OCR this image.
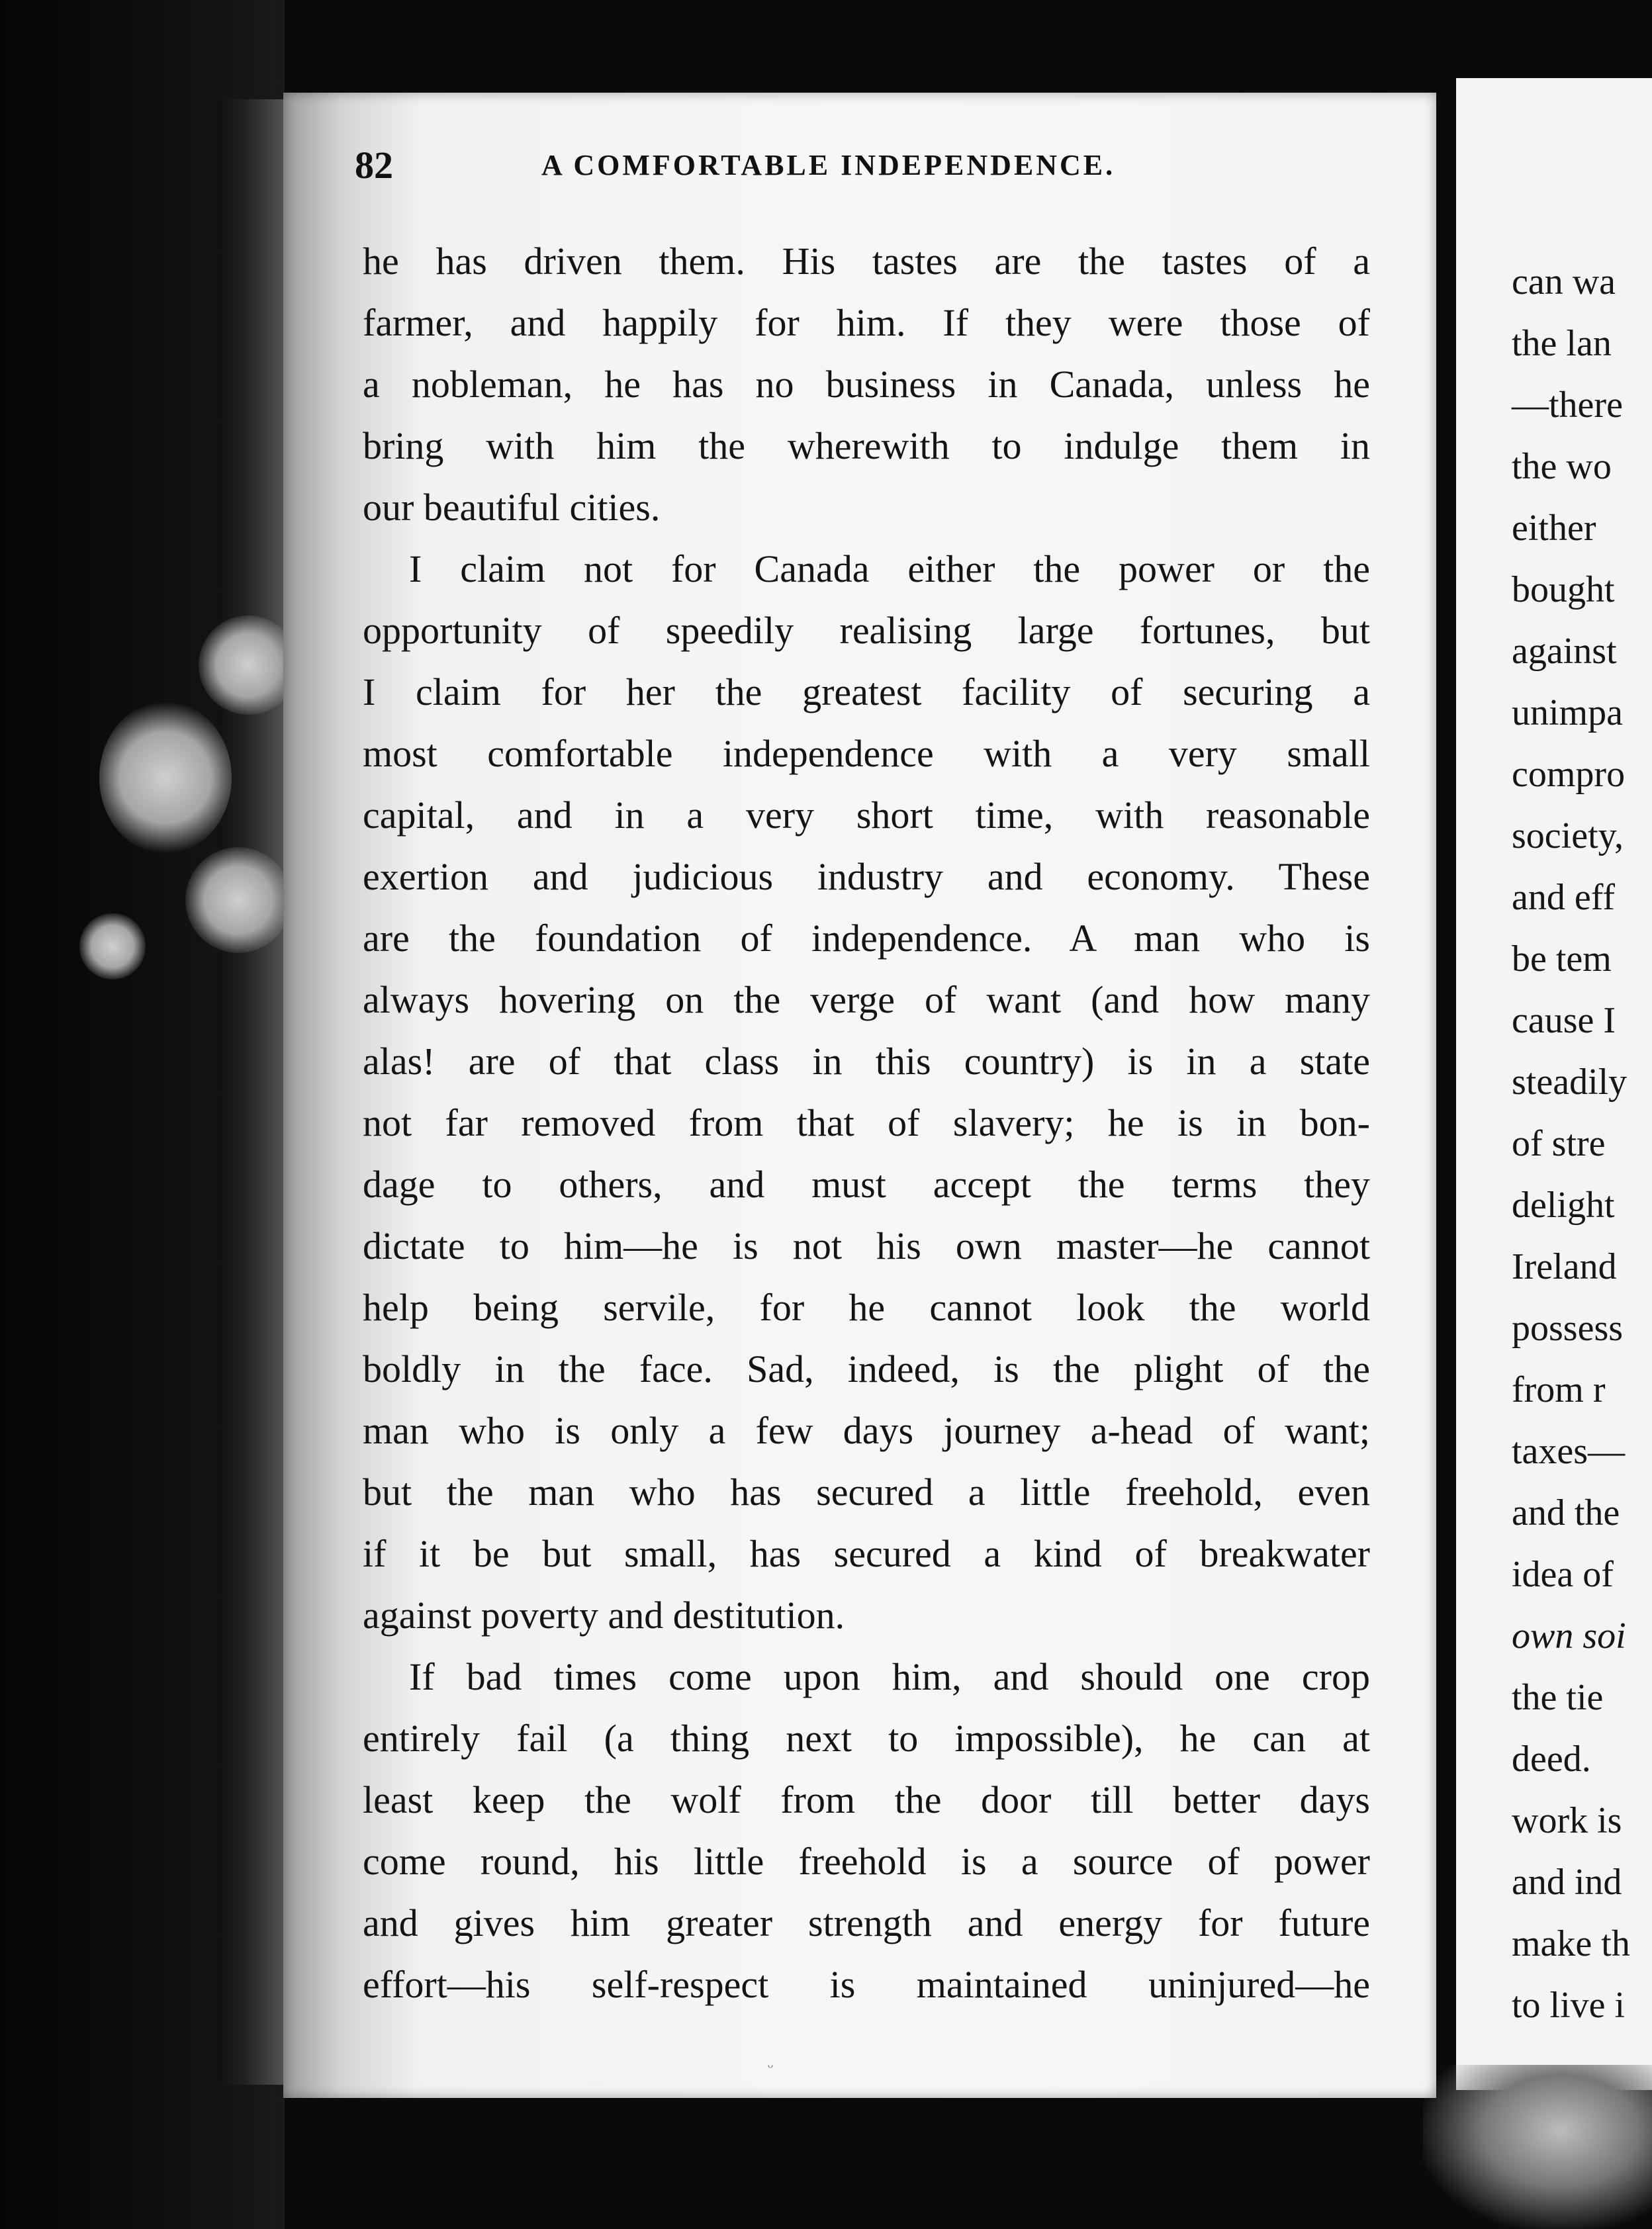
82	A COMFORTABLE INDEPENDENCE.
he has driven them. His tastes are the tastes of a
farmer, and happily for him. If they were those of
a nobleman, he has no business in Canada, unless he
bring with him the wherewith to indulge them in
our beautiful cities.
I claim not for Canada either the power or the
opportunity of speedily realising large fortunes, but
I claim for her the greatest facility of securing a
most comfortable independence with a very small
capital, and in a very short time, with reasonable
exertion and judicious industry and economy. These
are the foundation of independence. A man who is
always hovering on the verge of want (and how many
alas! are of that class in this country) is in a state
not far removed from that of slavery; he is in bon-
dage to others, and must accept the terms they
dictate to him—he is not his own master—he cannot
help being servile, for he cannot look the world
boldly in the face. Sad, indeed, is the plight of the
man who is only a few days journey a-head of want;
but the man who has secured a little freehold, even
if it be but small, has secured a kind of breakwater
against poverty and destitution.
If bad times come upon him, and should one crop
entirely fail (a thing next to impossible), he can at
least keep the wolf from the door till better days
come round, his little freehold is a source of power
and gives him greater strength and energy for future
effort—his self-respect is maintained uninjured—he
ᵕ
can wa
the lan
—there
the wo
either
bought
against
unimpa
compro
society,
and eff
be tem
cause I
steadily
of stre
delight
Ireland
possess
from r
taxes—
and the
idea of
own soi
the tie
deed.
work is
and ind
make th
to live i
